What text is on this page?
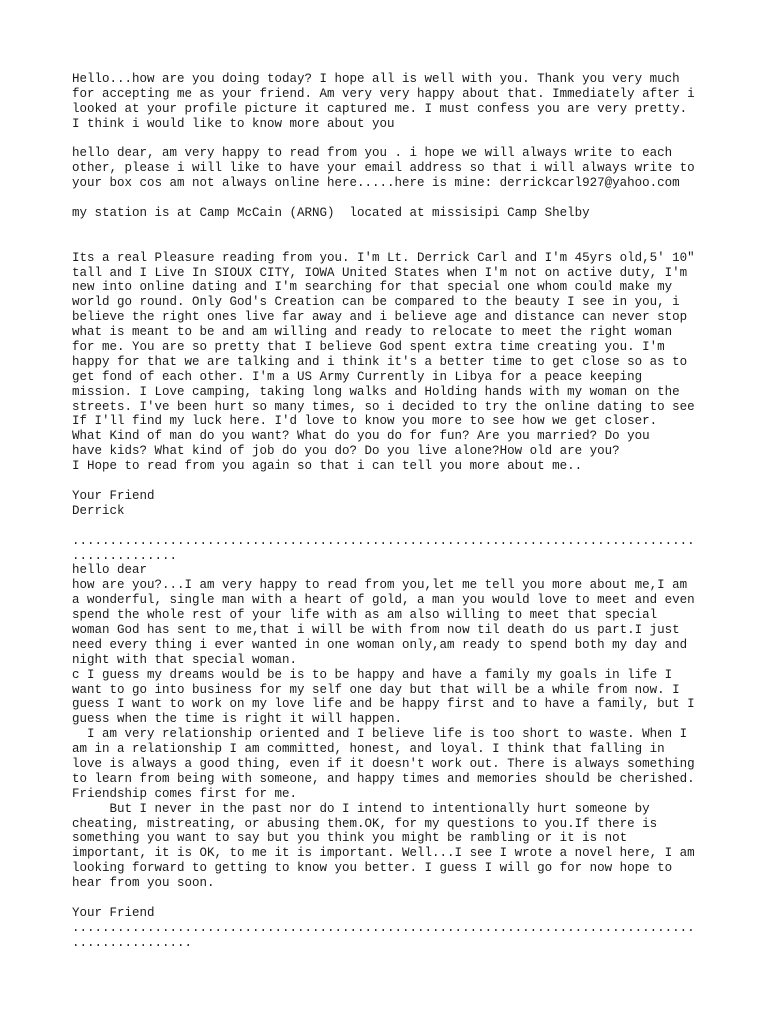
Hello...how are you doing today? I hope all is well with you. Thank you very much
for accepting me as your friend. Am very very happy about that. Immediately after i
looked at your profile picture it captured me. I must confess you are very pretty.
I think i would like to know more about you
hello dear, am very happy to read from you . i hope we will always write to each
other, please i will like to have your email address so that i will always write to
your box cos am not always online here.....here is mine: derrickcarl927@yahoo.com
my station is at Camp McCain (ARNG)  located at missisipi Camp Shelby
Its a real Pleasure reading from you. I'm Lt. Derrick Carl and I'm 45yrs old,5' 10"
tall and I Live In SIOUX CITY, IOWA United States when I'm not on active duty, I'm
new into online dating and I'm searching for that special one whom could make my
world go round. Only God's Creation can be compared to the beauty I see in you, i
believe the right ones live far away and i believe age and distance can never stop
what is meant to be and am willing and ready to relocate to meet the right woman
for me. You are so pretty that I believe God spent extra time creating you. I'm
happy for that we are talking and i think it's a better time to get close so as to
get fond of each other. I'm a US Army Currently in Libya for a peace keeping
mission. I Love camping, taking long walks and Holding hands with my woman on the
streets. I've been hurt so many times, so i decided to try the online dating to see
If I'll find my luck here. I'd love to know you more to see how we get closer.
What Kind of man do you want? What do you do for fun? Are you married? Do you
have kids? What kind of job do you do? Do you live alone?How old are you?
I Hope to read from you again so that i can tell you more about me..
Your Friend
Derrick
...................................................................................
..............
hello dear
how are you?...I am very happy to read from you,let me tell you more about me,I am
a wonderful, single man with a heart of gold, a man you would love to meet and even
spend the whole rest of your life with as am also willing to meet that special
woman God has sent to me,that i will be with from now til death do us part.I just
need every thing i ever wanted in one woman only,am ready to spend both my day and
night with that special woman.
c I guess my dreams would be is to be happy and have a family my goals in life I
want to go into business for my self one day but that will be a while from now. I
guess I want to work on my love life and be happy first and to have a family, but I
guess when the time is right it will happen.
I am very relationship oriented and I believe life is too short to waste. When I
am in a relationship I am committed, honest, and loyal. I think that falling in
love is always a good thing, even if it doesn't work out. There is always something
to learn from being with someone, and happy times and memories should be cherished.
Friendship comes first for me.
But I never in the past nor do I intend to intentionally hurt someone by
cheating, mistreating, or abusing them.OK, for my questions to you.If there is
something you want to say but you think you might be rambling or it is not
important, it is OK, to me it is important. Well...I see I wrote a novel here, I am
looking forward to getting to know you better. I guess I will go for now hope to
hear from you soon.
Your Friend
...................................................................................
................
